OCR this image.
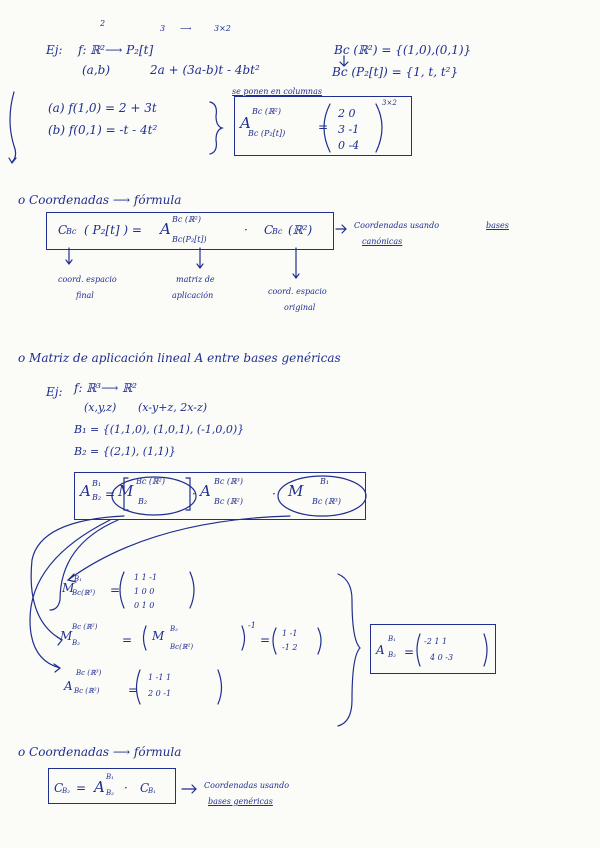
2
3 ⟶	3×2
Ej: f: ℝ²⟶ P₂[t]
(a,b)	2a + (3a-b)t - 4bt²
Bc (ℝ²) = {(1,0),(0,1)}
Bc (P₂[t]) = {1, t, t²}
se ponen en columnas
(a) f(1,0) = 2 + 3t
(b) f(0,1) = -t - 4t²	A
Bc (ℝ²)
Bc (P₂[t])	=
2 0
3 -1
0 -4
3×2
o Coordenadas ⟶ fórmula
C
Bc ( P₂[t] ) = A
Bc (ℝ²)
Bc(P₂[t])
· C
Bc (ℝ²)	Coordenadas usando	bases
canónicas
coord. espacio
final
matriz de
aplicación	coord. espacio
original
o Matriz de aplicación lineal A entre bases genéricas
Ej: f: ℝ³⟶ ℝ²
(x,y,z) (x-y+z, 2x-z)
B₁ = {(1,1,0), (1,0,1), (-1,0,0)}
B₂ = {(2,1), (1,1)}
A B₁
B₂ = M
Bc (ℝ²)
B₂
· A
Bc (ℝ³)
Bc (ℝ²)
· M
B₁
Bc (ℝ³)
M
B₁
Bc(ℝ³) =
1 1 -1
1 0 0
0 1 0
M
Bc (ℝ²)
B₂	= M B₂
Bc(ℝ²)
-1
= 1 -1
-1 2
A
Bc (ℝ³)
Bc (ℝ²) =
1 -1 1
2 0 -1
A
B₁
B₂ =
-2 1 1
4 0 -3
o Coordenadas ⟶ fórmula
C
B₂ = A
B₁
B₂ · C
B₁
Coordenadas usando
bases genéricas
